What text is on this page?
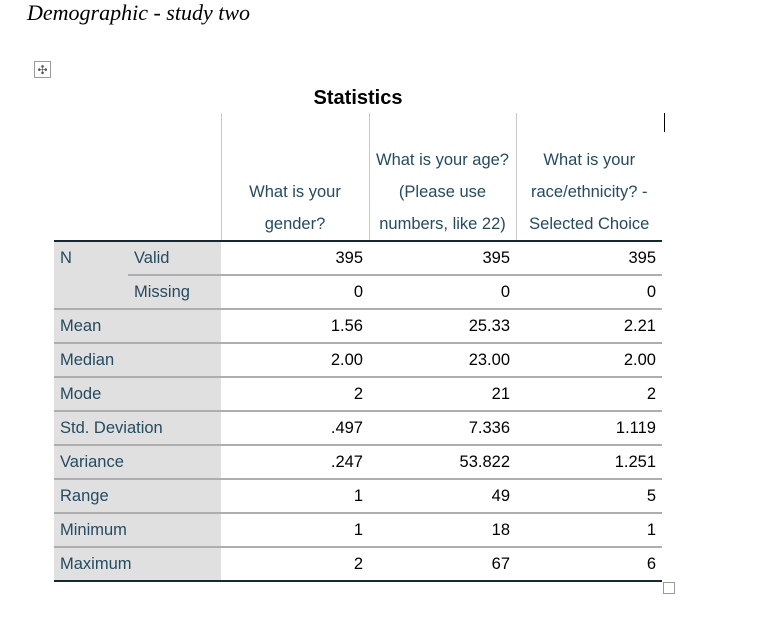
Demographic - study two
✣
Statistics
		What is your gender?	What is your age? (Please use numbers, like 22)	What is your race/ethnicity? - Selected Choice
N	Valid	395	395	395
	Missing	0	0	0
Mean		1.56	25.33	2.21
Median		2.00	23.00	2.00
Mode		2	21	2
Std. Deviation		.497	7.336	1.119
Variance		.247	53.822	1.251
Range		1	49	5
Minimum		1	18	1
Maximum		2	67	6
